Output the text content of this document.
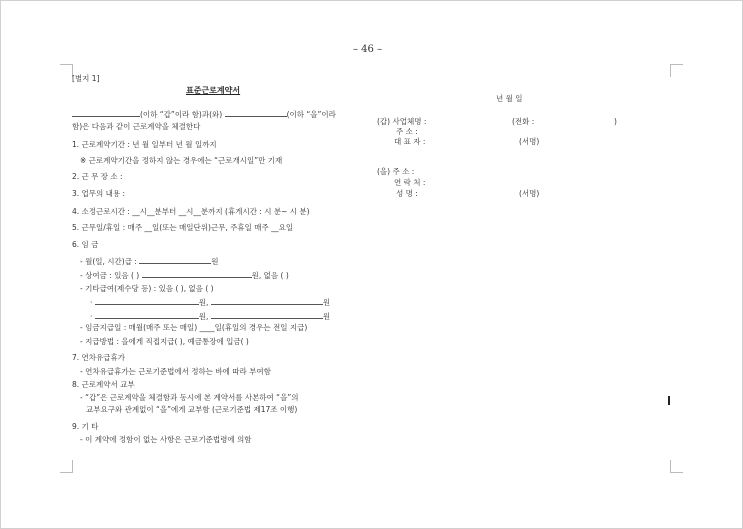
– 46 –
[별지 1]
표준근로계약서
(이하 “갑”이라 함)과(와)	(이하 “을”이라
함)은 다음과 같이 근로계약을 체결한다
1. 근로계약기간 : 년 월 일부터 년 월 일까지
※ 근로계약기간을 정하지 않는 경우에는 “근로개시일”만 기재
2. 근 무 장 소 :
3. 업무의 내용 :
4. 소정근로시간 : __시__분부터 __시__분까지 (휴게시간 : 시 분~ 시 분)
5. 근무일/휴일 : 매주 __일(또는 매일단위)근무, 주휴일 매주 __요일
6. 임 금
- 월(일, 시간)급 :	원
- 상여금 : 있음 ( )	원, 없음 ( )
- 기타급여(제수당 등) : 있음 ( ), 없음 ( )
·	원,	원
·	원,	원
- 임금지급일 : 매월(매주 또는 매일) ____일(휴일의 경우는 전일 지급)
- 지급방법 : 을에게 직접지급( ), 예금통장에 입금( )
7. 연차유급휴가
- 연차유급휴가는 근로기준법에서 정하는 바에 따라 부여함
8. 근로계약서 교부
- “갑”은 근로계약을 체결함과 동시에 본 계약서를 사본하여 “을”의
교부요구와 관계없이 “을”에게 교부함 (근로기준법 제17조 이행)
9. 기 타
- 이 계약에 정함이 없는 사항은 근로기준법령에 의함
년 월 일
(갑) 사업체명 :	(전화 :	)
주 소 :
대 표 자 :	(서명)
(을) 주 소 :
연 락 처 :
성 명 :	(서명)
